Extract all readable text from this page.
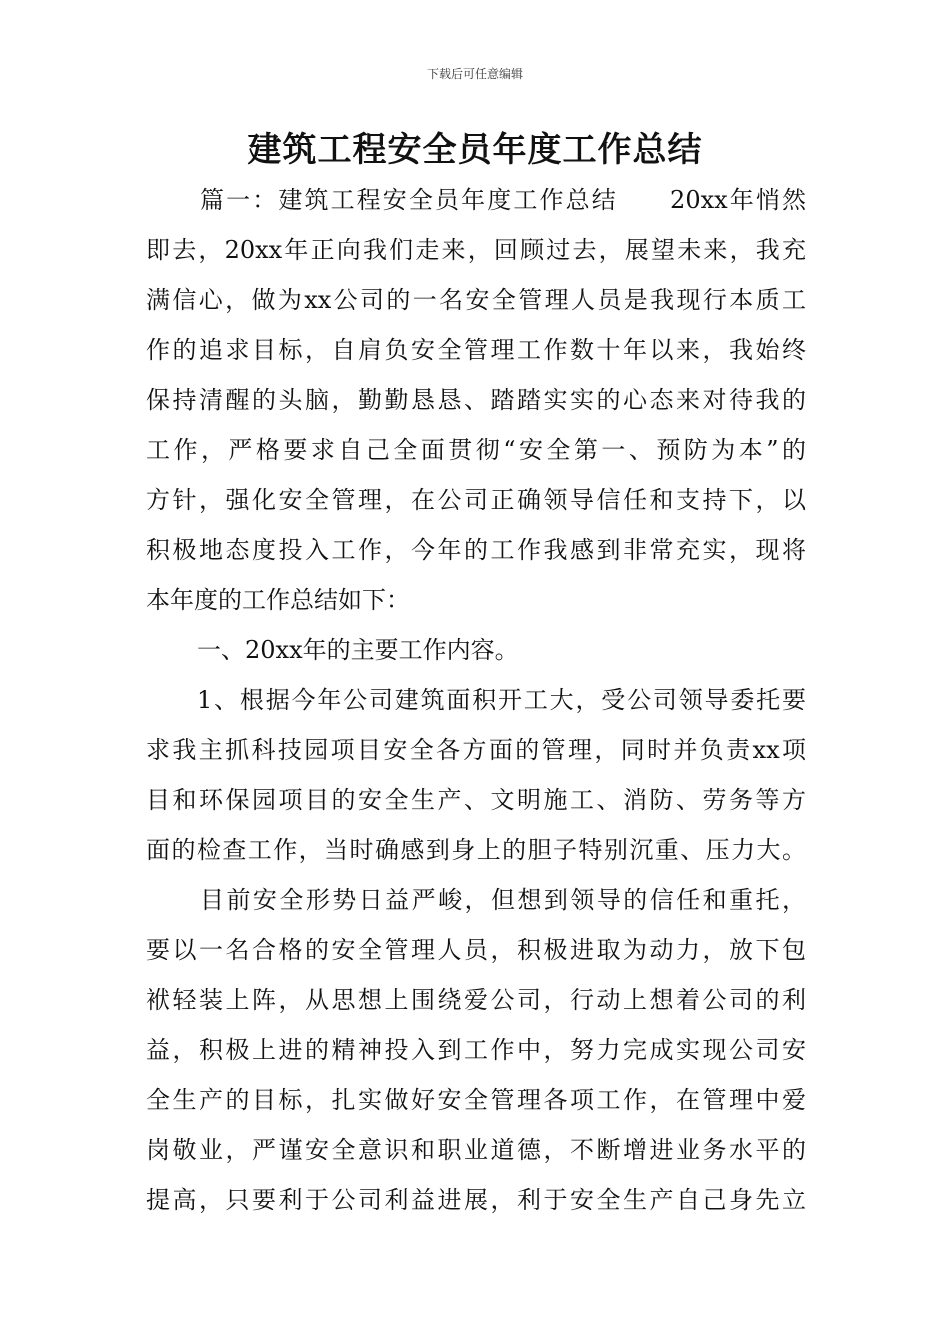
下载后可任意编辑
建筑工程安全员年度工作总结
篇一：建筑工程安全员年度工作总结　　20xx年悄然
即去，20xx年正向我们走来，回顾过去，展望未来，我充
满信心，做为xx公司的一名安全管理人员是我现行本质工
作的追求目标，自肩负安全管理工作数十年以来，我始终
保持清醒的头脑，勤勤恳恳、踏踏实实的心态来对待我的
工作，严格要求自己全面贯彻“安全第一、预防为本”的
方针，强化安全管理，在公司正确领导信任和支持下，以
积极地态度投入工作，今年的工作我感到非常充实，现将
本年度的工作总结如下：
一、20xx年的主要工作内容。
1、根据今年公司建筑面积开工大，受公司领导委托要
求我主抓科技园项目安全各方面的管理，同时并负责xx项
目和环保园项目的安全生产、文明施工、消防、劳务等方
面的检查工作，当时确感到身上的胆子特别沉重、压力大。
目前安全形势日益严峻，但想到领导的信任和重托，
要以一名合格的安全管理人员，积极进取为动力，放下包
袱轻装上阵，从思想上围绕爱公司，行动上想着公司的利
益，积极上进的精神投入到工作中，努力完成实现公司安
全生产的目标，扎实做好安全管理各项工作，在管理中爱
岗敬业，严谨安全意识和职业道德，不断增进业务水平的
提高，只要利于公司利益进展，利于安全生产自己身先立
